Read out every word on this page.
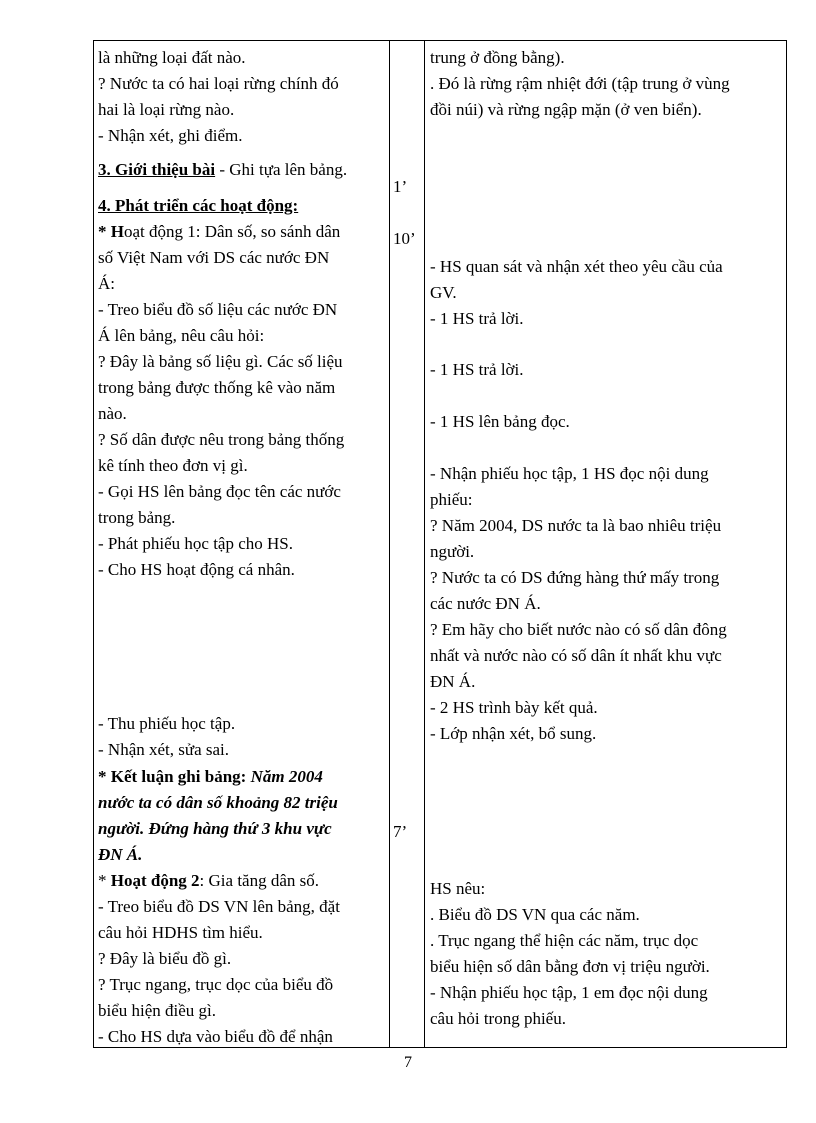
là những loại đất nào.
? Nước ta có hai loại rừng chính đó
hai là loại rừng nào.
- Nhận xét, ghi điểm.
3. Giới thiệu bài - Ghi tựa lên bảng.
4. Phát triển các hoạt động:
* Hoạt động 1: Dân số, so sánh dân
số Việt Nam với DS các nước ĐN
Á:
- Treo biểu đồ số liệu các nước ĐN
Á lên bảng, nêu câu hỏi:
? Đây là bảng số liệu gì. Các số liệu
trong bảng được thống kê vào năm
nào.
? Số dân được nêu trong bảng thống
kê tính theo đơn vị gì.
- Gọi HS lên bảng đọc tên các nước
trong bảng.
- Phát phiếu học tập cho HS.
- Cho HS hoạt động cá nhân.
- Thu phiếu học tập.
- Nhận xét, sửa sai.
* Kết luận ghi bảng: Năm 2004
nước ta có dân số khoảng 82 triệu
người. Đứng hàng thứ 3 khu vực
ĐN Á.
* Hoạt động 2: Gia tăng dân số.
- Treo biểu đồ DS VN lên bảng, đặt
câu hỏi HDHS tìm hiểu.
? Đây là biểu đồ gì.
? Trục ngang, trục dọc của biểu đồ
biểu hiện điều gì.
- Cho HS dựa vào biểu đồ để nhận
1’
10’
7’
trung ở đồng bằng).
. Đó là rừng rậm nhiệt đới (tập trung ở vùng
đồi núi) và rừng ngập mặn (ở ven biển).
- HS quan sát và nhận xét theo yêu cầu của
GV.
- 1 HS trả lời.
- 1 HS trả lời.
- 1 HS lên bảng đọc.
- Nhận phiếu học tập, 1 HS đọc nội dung
phiếu:
? Năm 2004, DS nước ta là bao nhiêu triệu
người.
? Nước ta có DS đứng hàng thứ mấy trong
các nước ĐN Á.
? Em hãy cho biết nước nào có số dân đông
nhất và nước nào có số dân ít nhất khu vực
ĐN Á.
- 2 HS trình bày kết quả.
- Lớp nhận xét, bổ sung.
HS nêu:
. Biểu đồ DS VN qua các năm.
. Trục ngang thể hiện các năm, trục dọc
biểu hiện số dân bằng đơn vị triệu người.
- Nhận phiếu học tập, 1 em đọc nội dung
câu hỏi trong phiếu.
7
